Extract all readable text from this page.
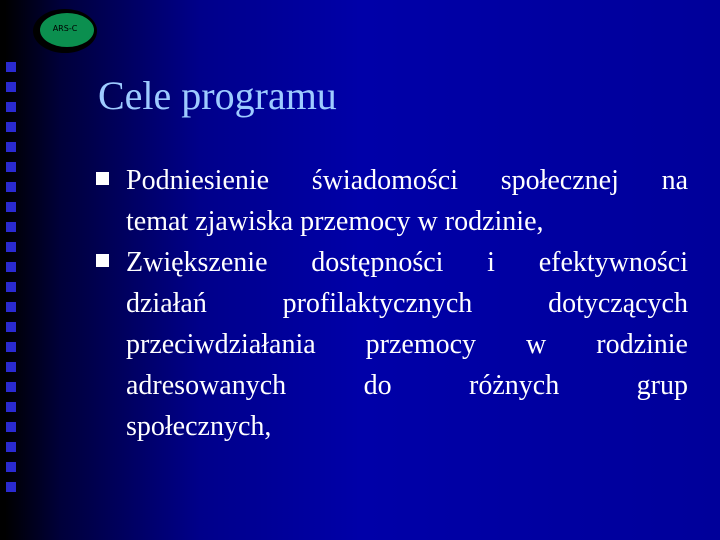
ARS-C
Cele programu
Podniesienie świadomości społecznej na
temat zjawiska przemocy w rodzinie,
Zwiększenie dostępności i efektywności
działań profilaktycznych dotyczących
przeciwdziałania przemocy w rodzinie
adresowanych do różnych grup
społecznych,
